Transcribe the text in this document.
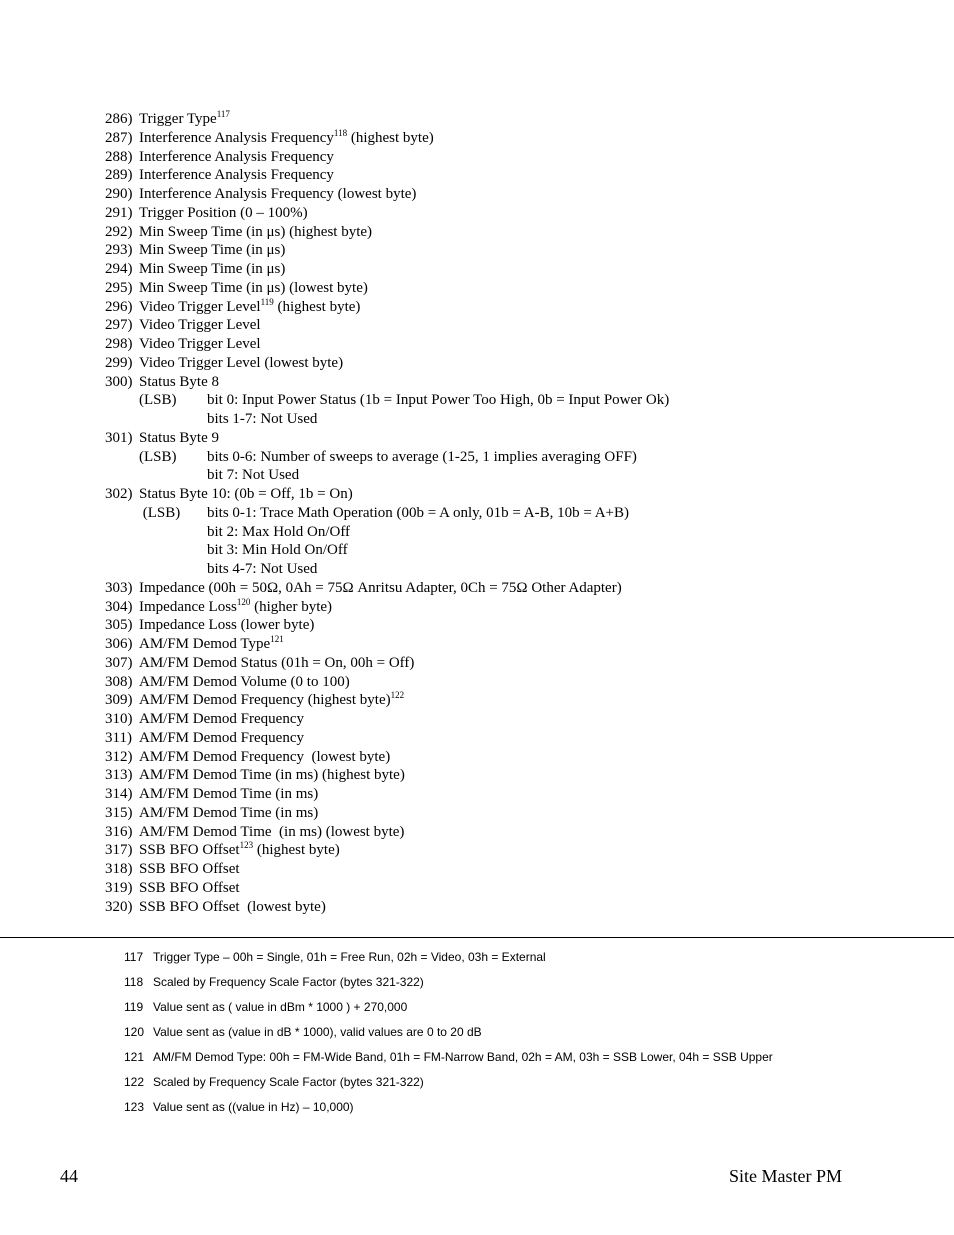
286) Trigger Type$^{117}$
287) Interference Analysis Frequency$^{118}$ (highest byte)
288) Interference Analysis Frequency
289) Interference Analysis Frequency
290) Interference Analysis Frequency (lowest byte)
291) Trigger Position (0 – 100%)
292) Min Sweep Time (in μs) (highest byte)
293) Min Sweep Time (in μs)
294) Min Sweep Time (in μs)
295) Min Sweep Time (in μs) (lowest byte)
296) Video Trigger Level$^{119}$ (highest byte)
297) Video Trigger Level
298) Video Trigger Level
299) Video Trigger Level (lowest byte)
300) Status Byte 8
(LSB) bit 0: Input Power Status (1b = Input Power Too High, 0b = Input Power Ok)
bits 1-7: Not Used
301) Status Byte 9
(LSB) bits 0-6: Number of sweeps to average (1-25, 1 implies averaging OFF)
bit 7: Not Used
302) Status Byte 10: (0b = Off, 1b = On)
(LSB) bits 0-1: Trace Math Operation (00b = A only, 01b = A-B, 10b = A+B)
bit 2: Max Hold On/Off
bit 3: Min Hold On/Off
bits 4-7: Not Used
303) Impedance (00h = 50Ω, 0Ah = 75Ω Anritsu Adapter, 0Ch = 75Ω Other Adapter)
304) Impedance Loss$^{120}$ (higher byte)
305) Impedance Loss (lower byte)
306) AM/FM Demod Type$^{121}$
307) AM/FM Demod Status (01h = On, 00h = Off)
308) AM/FM Demod Volume (0 to 100)
309) AM/FM Demod Frequency (highest byte)$^{122}$
310) AM/FM Demod Frequency
311) AM/FM Demod Frequency
312) AM/FM Demod Frequency  (lowest byte)
313) AM/FM Demod Time (in ms) (highest byte)
314) AM/FM Demod Time (in ms)
315) AM/FM Demod Time (in ms)
316) AM/FM Demod Time  (in ms) (lowest byte)
317) SSB BFO Offset$^{123}$ (highest byte)
318) SSB BFO Offset
319) SSB BFO Offset
320) SSB BFO Offset  (lowest byte)
117 Trigger Type – 00h = Single, 01h = Free Run, 02h = Video, 03h = External
118 Scaled by Frequency Scale Factor (bytes 321-322)
119 Value sent as ( value in dBm * 1000 ) + 270,000
120 Value sent as (value in dB * 1000), valid values are 0 to 20 dB
121 AM/FM Demod Type: 00h = FM-Wide Band, 01h = FM-Narrow Band, 02h = AM, 03h = SSB Lower, 04h = SSB Upper
122 Scaled by Frequency Scale Factor (bytes 321-322)
123 Value sent as ((value in Hz) – 10,000)
44	Site Master PM
